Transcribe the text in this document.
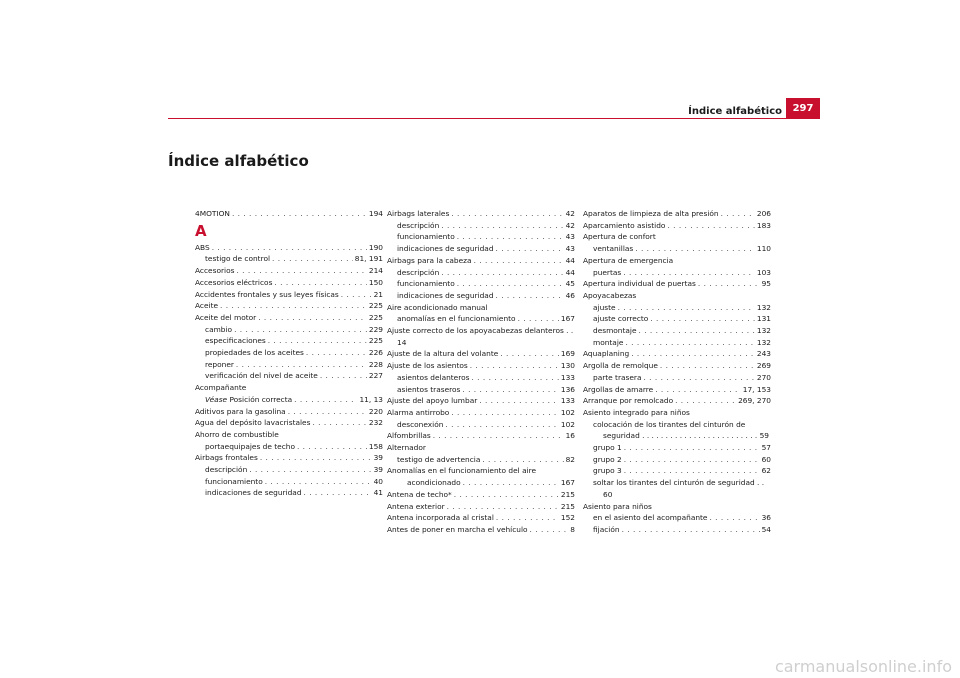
Índice alfabético	297
Índice alfabético
4MOTION . . .	194
A
ABS . . .	190
testigo de control . . .	81, 191
Accesorios . . .	214
Accesorios eléctricos . . .	150
Accidentes frontales y sus leyes físicas . . .	21
Aceite . . .	225
Aceite del motor . . .	225
cambio . . .	229
especificaciones . . .	225
propiedades de los aceites . . .	226
reponer . . .	228
verificación del nivel de aceite . . .	227
Acompañante
Véase Posición correcta . . .	11, 13
Aditivos para la gasolina . . .	220
Agua del depósito lavacristales . . .	232
Ahorro de combustible
portaequipajes de techo . . .	158
Airbags frontales . . .	39
descripción . . .	39
funcionamiento . . .	40
indicaciones de seguridad . . .	41
Airbags laterales . . .	42
descripción . . .	42
funcionamiento . . .	43
indicaciones de seguridad . . .	43
Airbags para la cabeza . . .	44
descripción . . .	44
funcionamiento . . .	45
indicaciones de seguridad . . .	46
Aire acondicionado manual
anomalías en el funcionamiento . . .	167
Ajuste correcto de los apoyacabezas delanteros . . 14
Ajuste de la altura del volante . . .	169
Ajuste de los asientos . . .	130
asientos delanteros . . .	133
asientos traseros . . .	136
Ajuste del apoyo lumbar . . .	133
Alarma antirrobo . . .	102
desconexión . . .	102
Alfombrillas . . .	16
Alternador
testigo de advertencia . . .	82
Anomalías en el funcionamiento del aire
acondicionado . . .	167
Antena de techo* . . .	215
Antena exterior . . .	215
Antena incorporada al cristal . . .	152
Antes de poner en marcha el vehículo . . .	8
Aparatos de limpieza de alta presión . . .	206
Aparcamiento asistido . . .	183
Apertura de confort
ventanillas . . .	110
Apertura de emergencia
puertas . . .	103
Apertura individual de puertas . . .	95
Apoyacabezas
ajuste . . .	132
ajuste correcto . . .	131
desmontaje . . .	132
montaje . . .	132
Aquaplaning . . .	243
Argolla de remolque . . .	269
parte trasera . . .	270
Argollas de amarre . . .	17, 153
Arranque por remolcado . . .	269, 270
Asiento integrado para niños
colocación de los tirantes del cinturón de seguridad . . . . . . . . . . . . . . . . . . . . . . . . . 59
grupo 1 . . .	57
grupo 2 . . .	60
grupo 3 . . .	62
soltar los tirantes del cinturón de seguridad . . 60
Asiento para niños
en el asiento del acompañante . . .	36
fijación . . .	54
carmanualsonline.info
